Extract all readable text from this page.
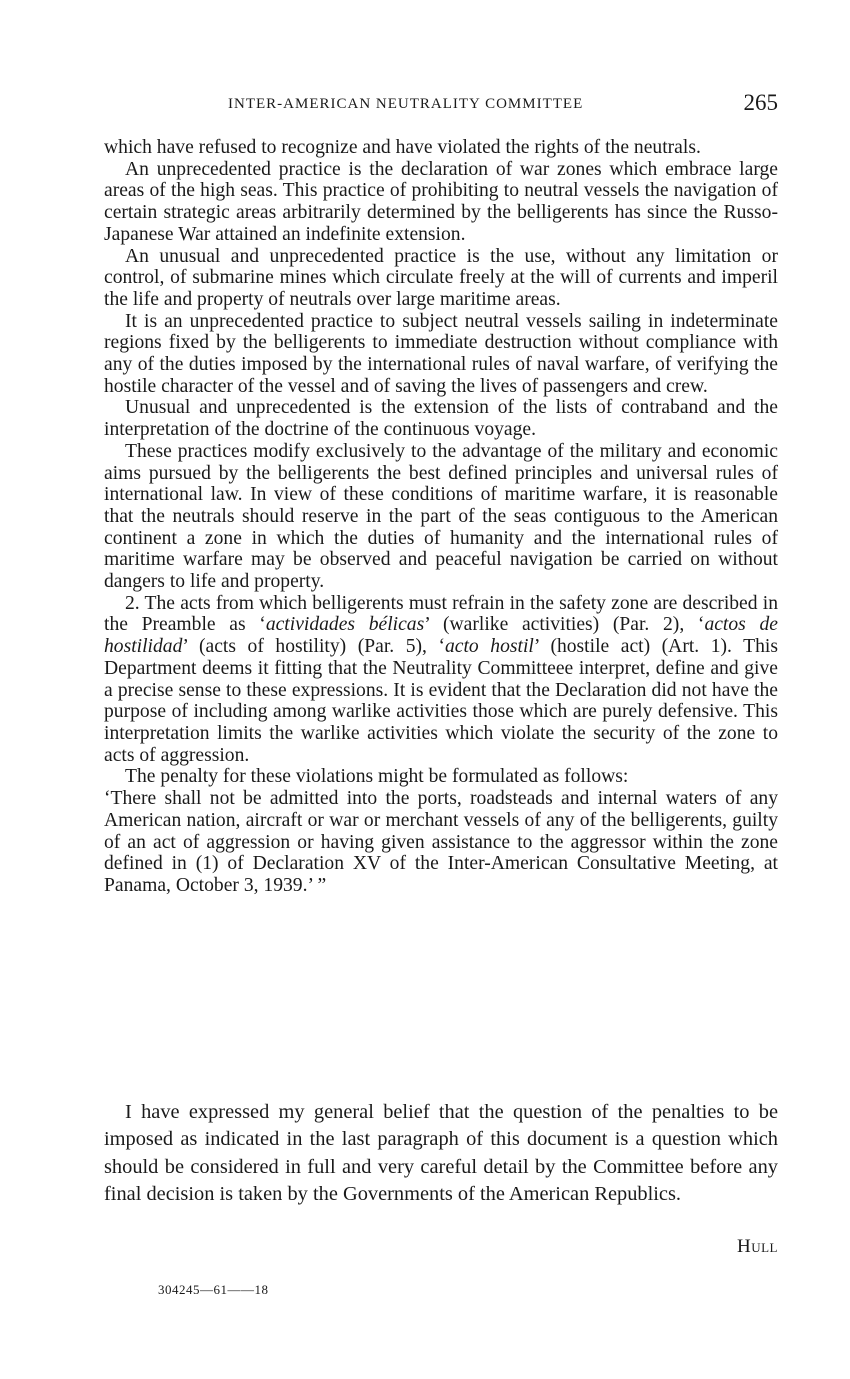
INTER-AMERICAN NEUTRALITY COMMITTEE	265

which have refused to recognize and have violated the rights of the neutrals.

An unprecedented practice is the declaration of war zones which embrace large areas of the high seas. This practice of prohibiting to neutral vessels the navigation of certain strategic areas arbitrarily determined by the belligerents has since the Russo-Japanese War attained an indefinite extension.

An unusual and unprecedented practice is the use, without any limitation or control, of submarine mines which circulate freely at the will of currents and imperil the life and property of neutrals over large maritime areas.

It is an unprecedented practice to subject neutral vessels sailing in indeterminate regions fixed by the belligerents to immediate destruction without compliance with any of the duties imposed by the international rules of naval warfare, of verifying the hostile character of the vessel and of saving the lives of passengers and crew.

Unusual and unprecedented is the extension of the lists of contraband and the interpretation of the doctrine of the continuous voyage.

These practices modify exclusively to the advantage of the military and economic aims pursued by the belligerents the best defined principles and universal rules of international law. In view of these conditions of maritime warfare, it is reasonable that the neutrals should reserve in the part of the seas contiguous to the American continent a zone in which the duties of humanity and the international rules of maritime warfare may be observed and peaceful navigation be carried on without dangers to life and property.

2. The acts from which belligerents must refrain in the safety zone are described in the Preamble as ‘actividades bélicas’ (warlike activities) (Par. 2), ‘actos de hostilidad’ (acts of hostility) (Par. 5), ‘acto hostil’ (hostile act) (Art. 1). This Department deems it fitting that the Neutrality Committeee interpret, define and give a precise sense to these expressions. It is evident that the Declaration did not have the purpose of including among warlike activities those which are purely defensive. This interpretation limits the warlike activities which violate the security of the zone to acts of aggression.

The penalty for these violations might be formulated as follows:

‘There shall not be admitted into the ports, roadsteads and internal waters of any American nation, aircraft or war or merchant vessels of any of the belligerents, guilty of an act of aggression or having given assistance to the aggressor within the zone defined in (1) of Declaration XV of the Inter-American Consultative Meeting, at Panama, October 3, 1939.’ ”

I have expressed my general belief that the question of the penalties to be imposed as indicated in the last paragraph of this document is a question which should be considered in full and very careful detail by the Committee before any final decision is taken by the Governments of the American Republics.

Hull
304245—61——18
